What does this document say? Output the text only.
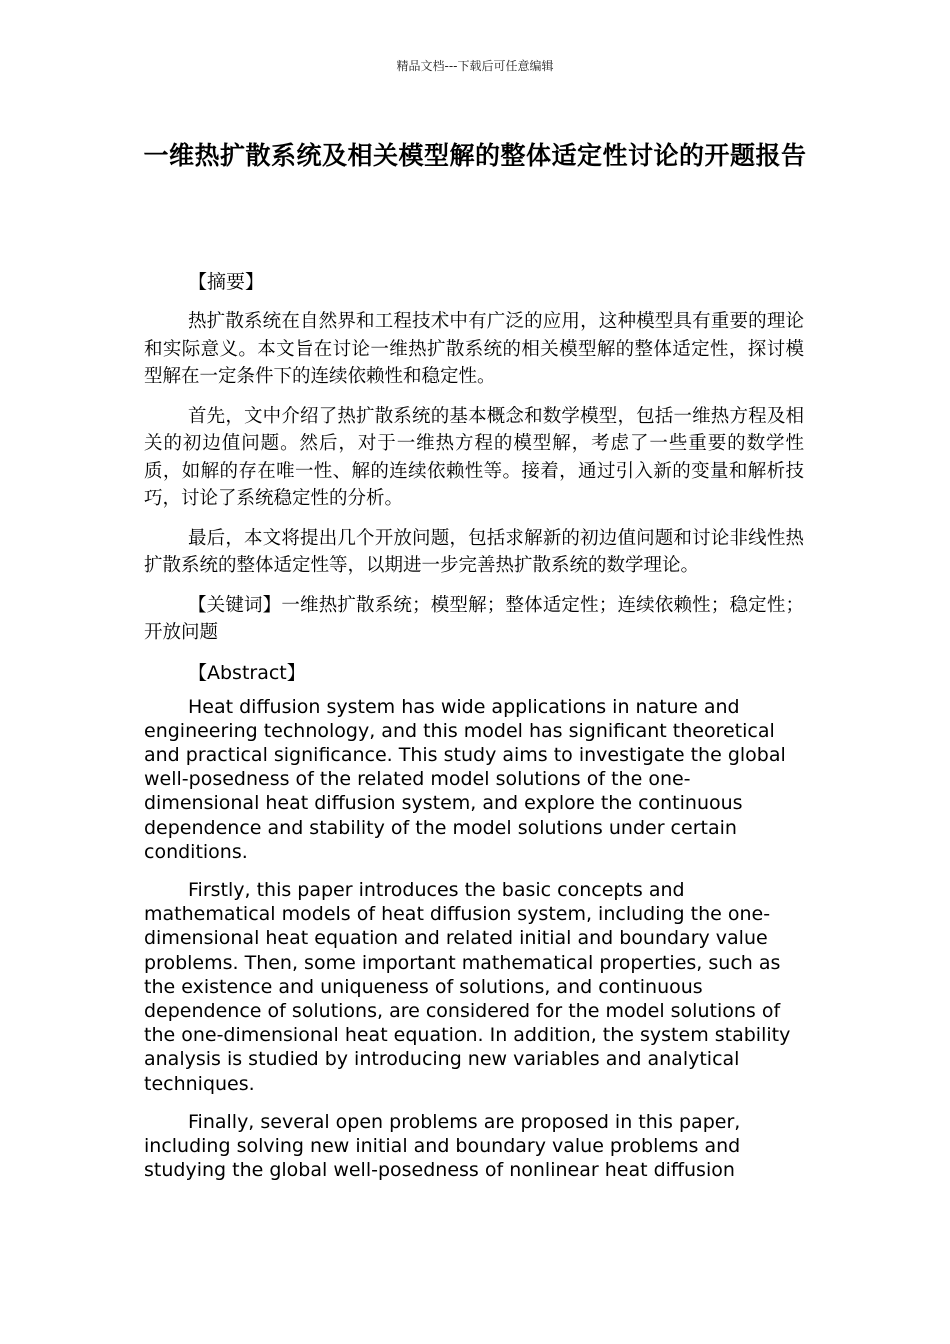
精品文档---下载后可任意编辑
一维热扩散系统及相关模型解的整体适定性讨论的开题报告
【摘要】

热扩散系统在自然界和工程技术中有广泛的应用，这种模型具有重要的理论和实际意义。本文旨在讨论一维热扩散系统的相关模型解的整体适定性，探讨模型解在一定条件下的连续依赖性和稳定性。

首先，文中介绍了热扩散系统的基本概念和数学模型，包括一维热方程及相关的初边值问题。然后，对于一维热方程的模型解，考虑了一些重要的数学性质，如解的存在唯一性、解的连续依赖性等。接着，通过引入新的变量和解析技巧，讨论了系统稳定性的分析。

最后，本文将提出几个开放问题，包括求解新的初边值问题和讨论非线性热扩散系统的整体适定性等，以期进一步完善热扩散系统的数学理论。

【关键词】一维热扩散系统；模型解；整体适定性；连续依赖性；稳定性；开放问题

【Abstract】

Heat diffusion system has wide applications in nature and engineering technology, and this model has significant theoretical and practical significance. This study aims to investigate the global well-posedness of the related model solutions of the one-dimensional heat diffusion system, and explore the continuous dependence and stability of the model solutions under certain conditions.

Firstly, this paper introduces the basic concepts and mathematical models of heat diffusion system, including the one-dimensional heat equation and related initial and boundary value problems. Then, some important mathematical properties, such as the existence and uniqueness of solutions, and continuous dependence of solutions, are considered for the model solutions of the one-dimensional heat equation. In addition, the system stability analysis is studied by introducing new variables and analytical techniques.

Finally, several open problems are proposed in this paper, including solving new initial and boundary value problems and studying the global well-posedness of nonlinear heat diffusion
